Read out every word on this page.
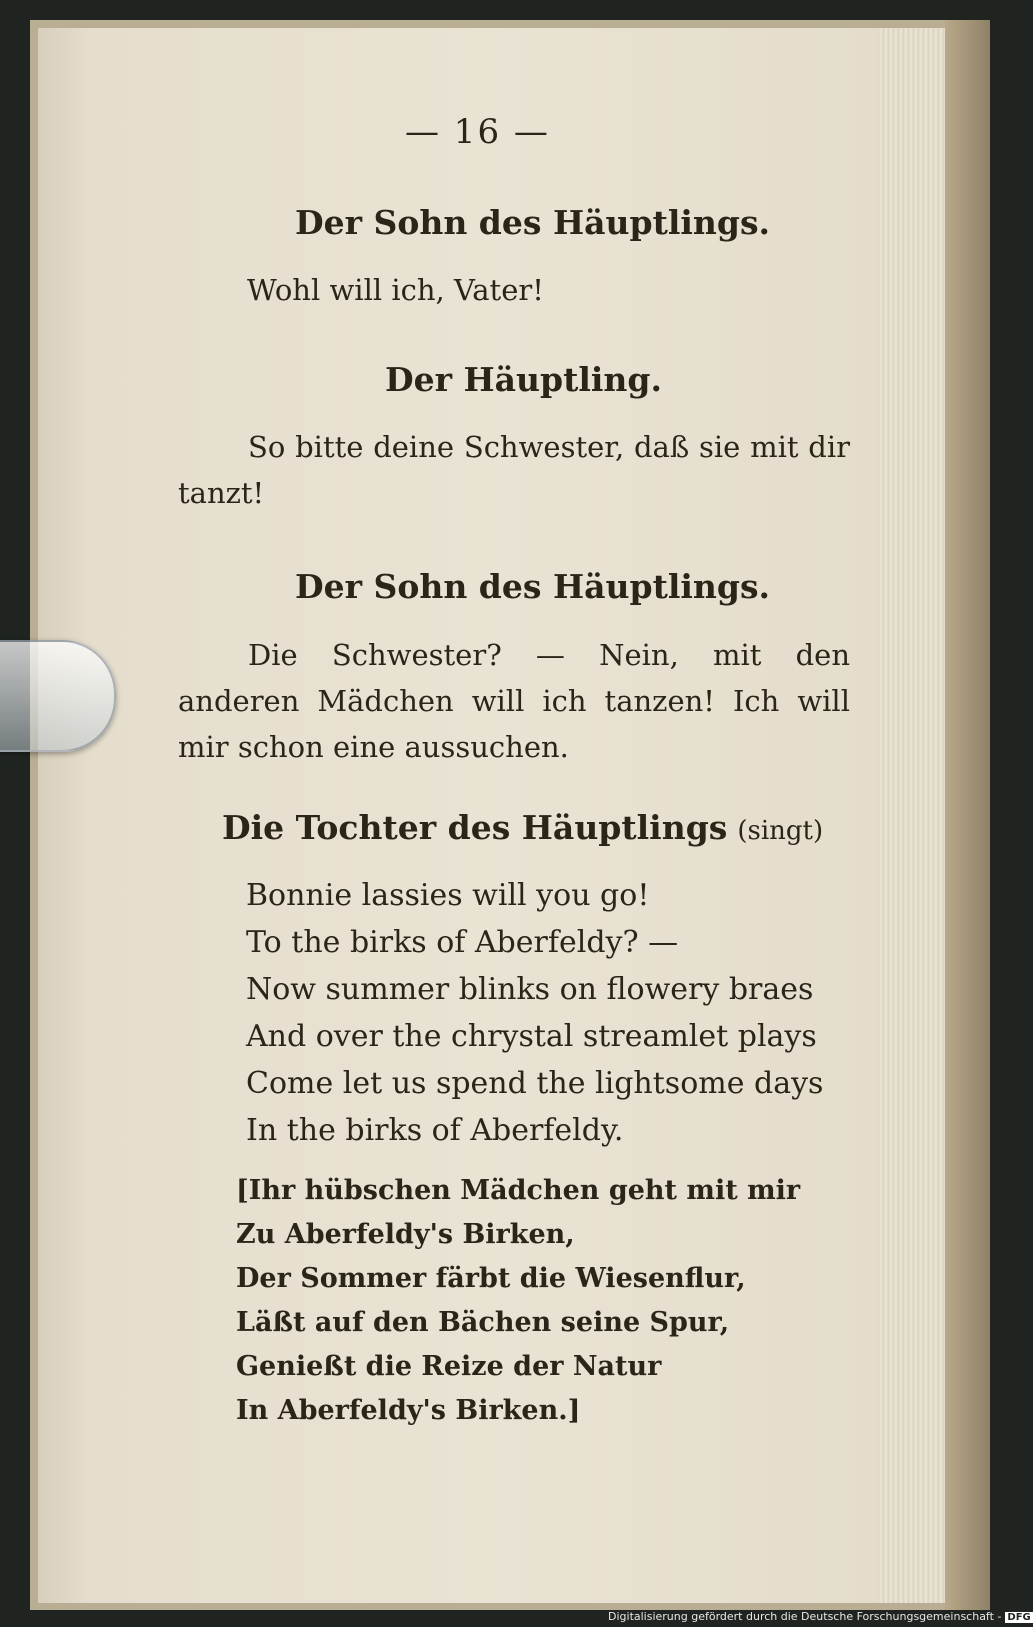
— 16 —
Der Sohn des Häuptlings.
Wohl will ich, Vater!
Der Häuptling.
So bitte deine Schwester, daß sie mit dir tanzt!
Der Sohn des Häuptlings.
Die Schwester? — Nein, mit den anderen Mädchen will ich tanzen! Ich will mir schon eine aussuchen.
Die Tochter des Häuptlings (singt)
Bonnie lassies will you go!
To the birks of Aberfeldy? —
Now summer blinks on flowery braes
And over the chrystal streamlet plays
Come let us spend the lightsome days
In the birks of Aberfeldy.
[Ihr hübschen Mädchen geht mit mir
Zu Aberfeldy's Birken,
Der Sommer färbt die Wiesenflur,
Läßt auf den Bächen seine Spur,
Genießt die Reize der Natur
In Aberfeldy's Birken.]
Digitalisierung gefördert durch die Deutsche Forschungsgemeinschaft - DFG
